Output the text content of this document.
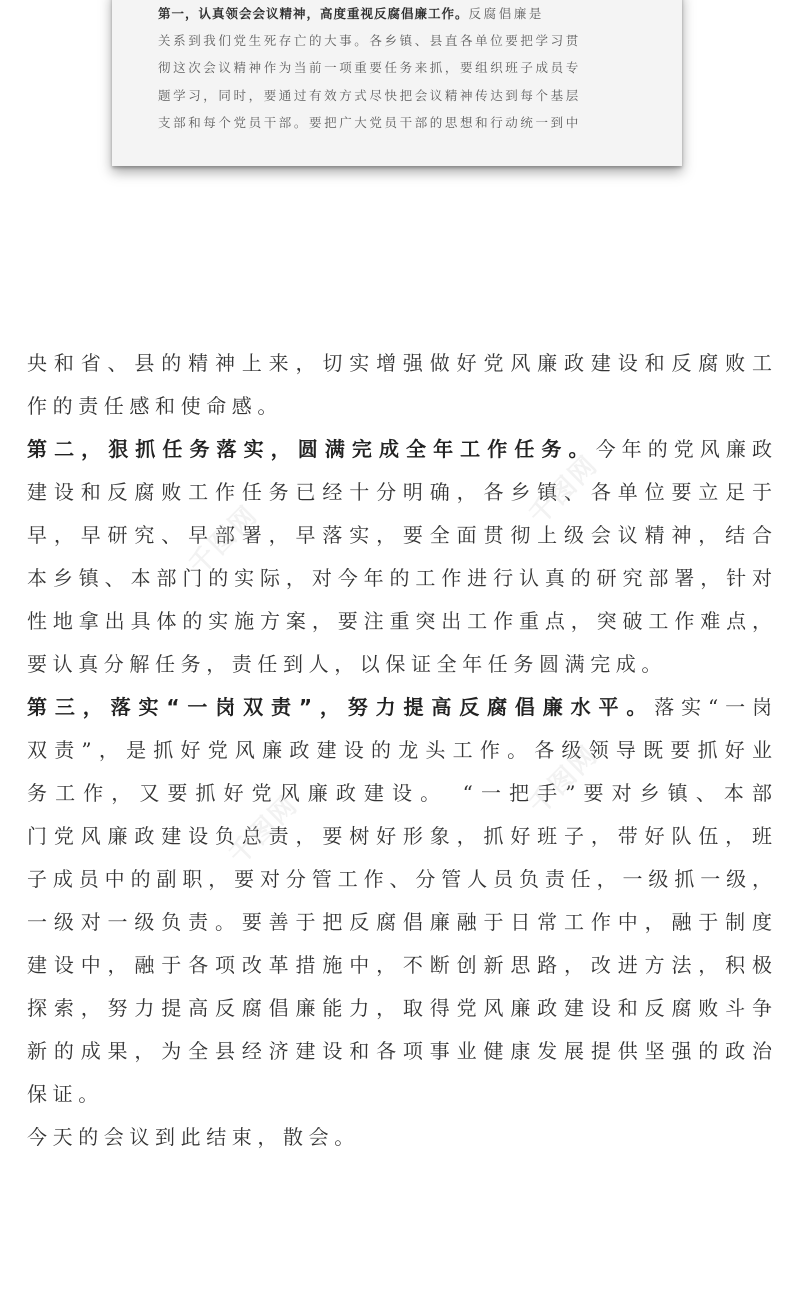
第一，认真领会会议精神，高度重视反腐倡廉工作。反腐倡廉是
关系到我们党生死存亡的大事。各乡镇、县直各单位要把学习贯
彻这次会议精神作为当前一项重要任务来抓，要组织班子成员专
题学习，同时，要通过有效方式尽快把会议精神传达到每个基层
支部和每个党员干部。要把广大党员干部的思想和行动统一到中
央和省、县的精神上来，切实增强做好党风廉政建设和反腐败工
作的责任感和使命感。
第二，狠抓任务落实，圆满完成全年工作任务。今年的党风廉政
建设和反腐败工作任务已经十分明确，各乡镇、各单位要立足于
早，早研究、早部署，早落实，要全面贯彻上级会议精神，结合
本乡镇、本部门的实际，对今年的工作进行认真的研究部署，针对
性地拿出具体的实施方案，要注重突出工作重点，突破工作难点，
要认真分解任务，责任到人，以保证全年任务圆满完成。
第三，落实“一岗双责”，努力提高反腐倡廉水平。落实“一岗
双责”，是抓好党风廉政建设的龙头工作。各级领导既要抓好业
务工作，又要抓好党风廉政建设。 “一把手”要对乡镇、本部
门党风廉政建设负总责，要树好形象，抓好班子，带好队伍，班
子成员中的副职，要对分管工作、分管人员负责任，一级抓一级，
一级对一级负责。要善于把反腐倡廉融于日常工作中，融于制度
建设中，融于各项改革措施中，不断创新思路，改进方法，积极
探索，努力提高反腐倡廉能力，取得党风廉政建设和反腐败斗争
新的成果，为全县经济建设和各项事业健康发展提供坚强的政治
保证。
今天的会议到此结束，散会。
千图网
千图网
千图网
千图网
